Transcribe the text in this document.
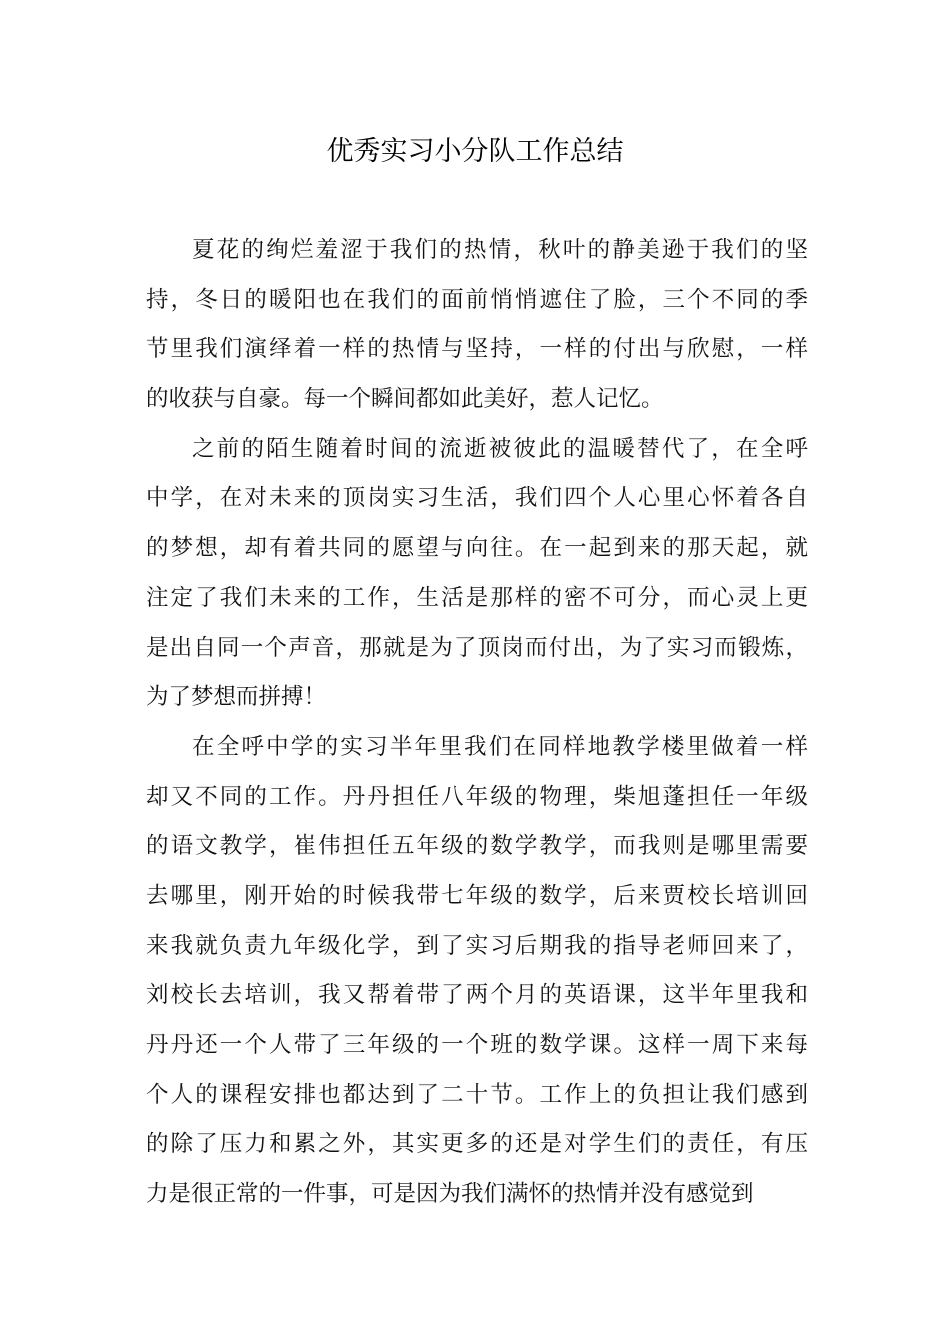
优秀实习小分队工作总结
夏花的绚烂羞涩于我们的热情，秋叶的静美逊于我们的坚
持，冬日的暖阳也在我们的面前悄悄遮住了脸，三个不同的季
节里我们演绎着一样的热情与坚持，一样的付出与欣慰，一样
的收获与自豪。每一个瞬间都如此美好，惹人记忆。
之前的陌生随着时间的流逝被彼此的温暖替代了，在全呼
中学，在对未来的顶岗实习生活，我们四个人心里心怀着各自
的梦想，却有着共同的愿望与向往。在一起到来的那天起，就
注定了我们未来的工作，生活是那样的密不可分，而心灵上更
是出自同一个声音，那就是为了顶岗而付出，为了实习而锻炼，
为了梦想而拼搏！
在全呼中学的实习半年里我们在同样地教学楼里做着一样
却又不同的工作。丹丹担任八年级的物理，柴旭蓬担任一年级
的语文教学，崔伟担任五年级的数学教学，而我则是哪里需要
去哪里，刚开始的时候我带七年级的数学，后来贾校长培训回
来我就负责九年级化学，到了实习后期我的指导老师回来了，
刘校长去培训，我又帮着带了两个月的英语课，这半年里我和
丹丹还一个人带了三年级的一个班的数学课。这样一周下来每
个人的课程安排也都达到了二十节。工作上的负担让我们感到
的除了压力和累之外，其实更多的还是对学生们的责任，有压
力是很正常的一件事，可是因为我们满怀的热情并没有感觉到
